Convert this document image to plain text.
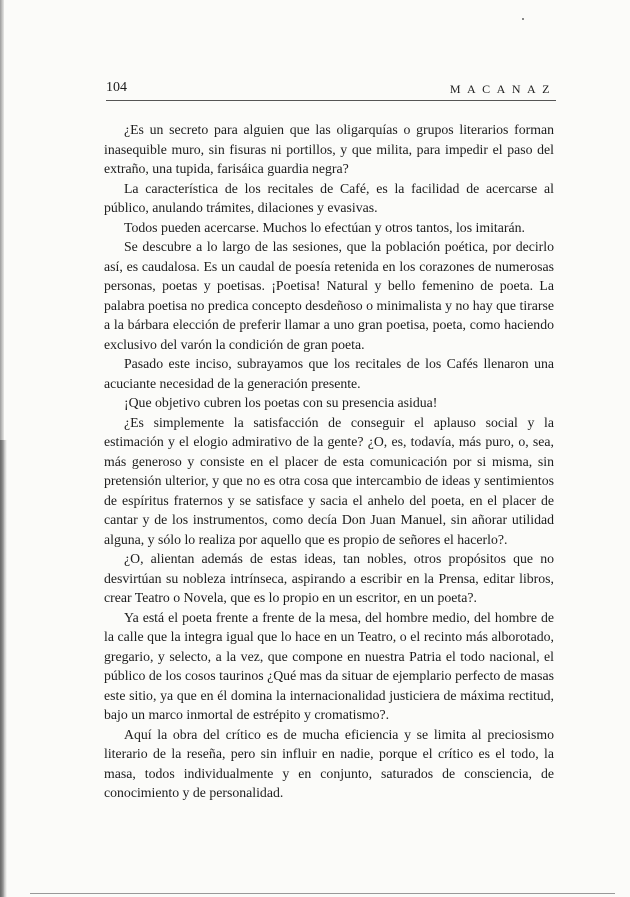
104	MACANAZ

¿Es un secreto para alguien que las oligarquías o grupos literarios forman inasequible muro, sin fisuras ni portillos, y que milita, para impedir el paso del extraño, una tupida, farisáica guardia negra?

La característica de los recitales de Café, es la facilidad de acercarse al público, anulando trámites, dilaciones y evasivas.

Todos pueden acercarse. Muchos lo efectúan y otros tantos, los imitarán.

Se descubre a lo largo de las sesiones, que la población poética, por decirlo así, es caudalosa. Es un caudal de poesía retenida en los corazones de numerosas personas, poetas y poetisas. ¡Poetisa! Natural y bello femenino de poeta. La palabra poetisa no predica concepto desdeñoso o minimalista y no hay que tirarse a la bárbara elección de preferir llamar a uno gran poetisa, poeta, como haciendo exclusivo del varón la condición de gran poeta.

Pasado este inciso, subrayamos que los recitales de los Cafés llenaron una acuciante necesidad de la generación presente.

¡Que objetivo cubren los poetas con su presencia asidua!

¿Es simplemente la satisfacción de conseguir el aplauso social y la estimación y el elogio admirativo de la gente? ¿O, es, todavía, más puro, o, sea, más generoso y consiste en el placer de esta comunicación por si misma, sin pretensión ulterior, y que no es otra cosa que intercambio de ideas y sentimientos de espíritus fraternos y se satisface y sacia el anhelo del poeta, en el placer de cantar y de los instrumentos, como decía Don Juan Manuel, sin añorar utilidad alguna, y sólo lo realiza por aquello que es propio de señores el hacerlo?.

¿O, alientan además de estas ideas, tan nobles, otros propósitos que no desvirtúan su nobleza intrínseca, aspirando a escribir en la Prensa, editar libros, crear Teatro o Novela, que es lo propio en un escritor, en un poeta?.

Ya está el poeta frente a frente de la mesa, del hombre medio, del hombre de la calle que la integra igual que lo hace en un Teatro, o el recinto más alborotado, gregario, y selecto, a la vez, que compone en nuestra Patria el todo nacional, el público de los cosos taurinos ¿Qué mas da situar de ejemplario perfecto de masas este sitio, ya que en él domina la internacionalidad justiciera de máxima rectitud, bajo un marco inmortal de estrépito y cromatismo?.

Aquí la obra del crítico es de mucha eficiencia y se limita al preciosismo literario de la reseña, pero sin influir en nadie, porque el crítico es el todo, la masa, todos individualmente y en conjunto, saturados de consciencia, de conocimiento y de personalidad.
